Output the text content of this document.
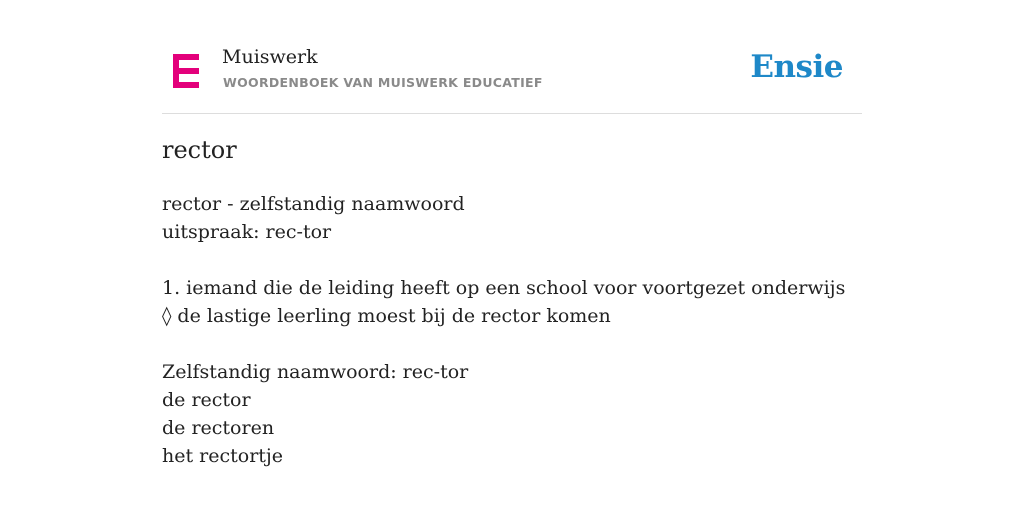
Muiswerk
WOORDENBOEK VAN MUISWERK EDUCATIEF	Ensie
rector
rector - zelfstandig naamwoord
uitspraak: rec-tor
1. iemand die de leiding heeft op een school voor voortgezet onderwijs
◊ de lastige leerling moest bij de rector komen
Zelfstandig naamwoord: rec-tor
de rector
de rectoren
het rectortje
